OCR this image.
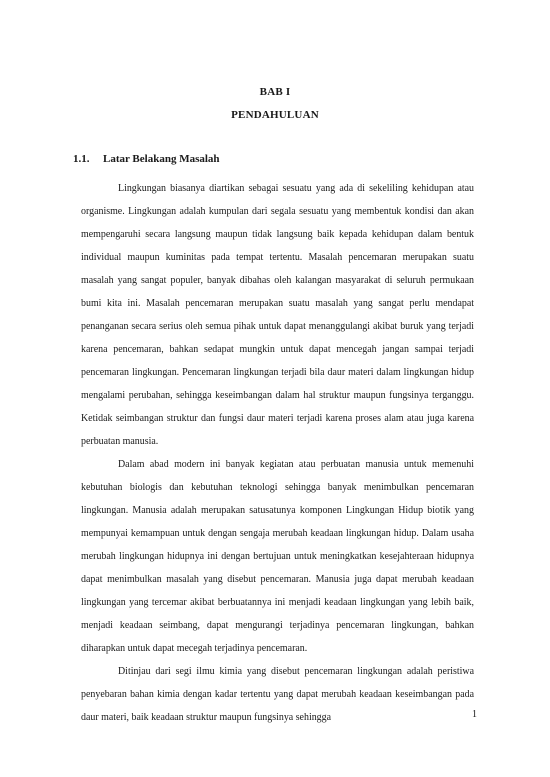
BAB I
PENDAHULUAN
1.1. Latar Belakang Masalah

Lingkungan biasanya diartikan sebagai sesuatu yang ada di sekeliling kehidupan atau organisme. Lingkungan adalah kumpulan dari segala sesuatu yang membentuk kondisi dan akan mempengaruhi secara langsung maupun tidak langsung baik kepada kehidupan dalam bentuk individual maupun kuminitas pada tempat tertentu. Masalah pencemaran merupakan suatu masalah yang sangat populer, banyak dibahas oleh kalangan masyarakat di seluruh permukaan bumi kita ini. Masalah pencemaran merupakan suatu masalah yang sangat perlu mendapat penanganan secara serius oleh semua pihak untuk dapat menanggulangi akibat buruk yang terjadi karena pencemaran, bahkan sedapat mungkin untuk dapat mencegah jangan sampai terjadi pencemaran lingkungan. Pencemaran lingkungan terjadi bila daur materi dalam lingkungan hidup mengalami perubahan, sehingga keseimbangan dalam hal struktur maupun fungsinya terganggu. Ketidak seimbangan struktur dan fungsi daur materi terjadi karena proses alam atau juga karena perbuatan manusia.

Dalam abad modern ini banyak kegiatan atau perbuatan manusia untuk memenuhi kebutuhan biologis dan kebutuhan teknologi sehingga banyak menimbulkan pencemaran lingkungan. Manusia adalah merupakan satusatunya komponen Lingkungan Hidup biotik yang mempunyai kemampuan untuk dengan sengaja merubah keadaan lingkungan hidup. Dalam usaha merubah lingkungan hidupnya ini dengan bertujuan untuk meningkatkan kesejahteraan hidupnya dapat menimbulkan masalah yang disebut pencemaran. Manusia juga dapat merubah keadaan lingkungan yang tercemar akibat berbuatannya ini menjadi keadaan lingkungan yang lebih baik, menjadi keadaan seimbang, dapat mengurangi terjadinya pencemaran lingkungan, bahkan diharapkan untuk dapat mecegah terjadinya pencemaran.

Ditinjau dari segi ilmu kimia yang disebut pencemaran lingkungan adalah peristiwa penyebaran bahan kimia dengan kadar tertentu yang dapat merubah keadaan keseimbangan pada daur materi, baik keadaan struktur maupun fungsinya sehingga	1
